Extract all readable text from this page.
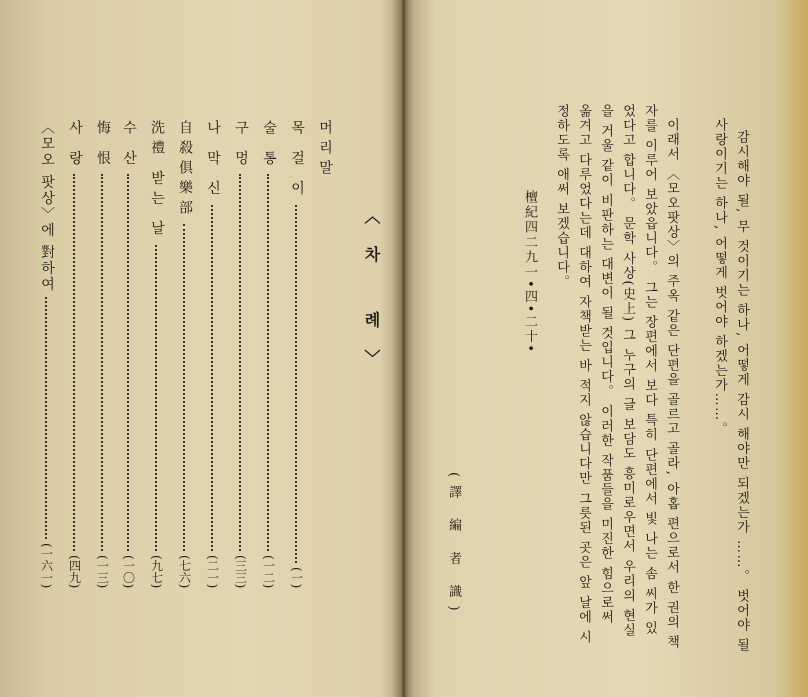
〈차 례〉
머리말
목 걸 이
(一)
술 통
(一二)
구 멍
(三三)
나 막 신
(二一)
自殺俱樂部
(七六)
洗禮 받는 날
(九七)
수 산
(一〇)
悔 恨
(一三)
사 랑
(四九)
〈모오 팟상〉에 對하여
(一六一)	감시해야 될, 무 것이기는 하나, 어떻게 감시 해야만 되겠는가 ……。 벗어야 될
사랑이기는 하나, 어떻게 벗어야 하겠는가……。
이래서 〈모오팟상〉의 주옥 같은 단편을 골르고 골라, 아홉 편으로서 한 권의 책
자를 이루어 보았읍니다。 그는 장편에서 보다 특히 단편에서 빛 나는 솜 씨가 있
었다고 합니다。 문학 사상(史上) 그 누구의 글 보담도 흥미로우면서 우리의 현실
을 거울 같이 비판하는 대변이 될 것입니다。 이러한 작품들을 미진한 힘으로써
옮겨고 다루었다는데 대하여 자책받는 바 적지 않습니다만 그릇된 곳은 앞 날에 시
정하도록 애써 보겠습니다。
檀紀四二九一•四•二十•
(譯 編 者 識)
